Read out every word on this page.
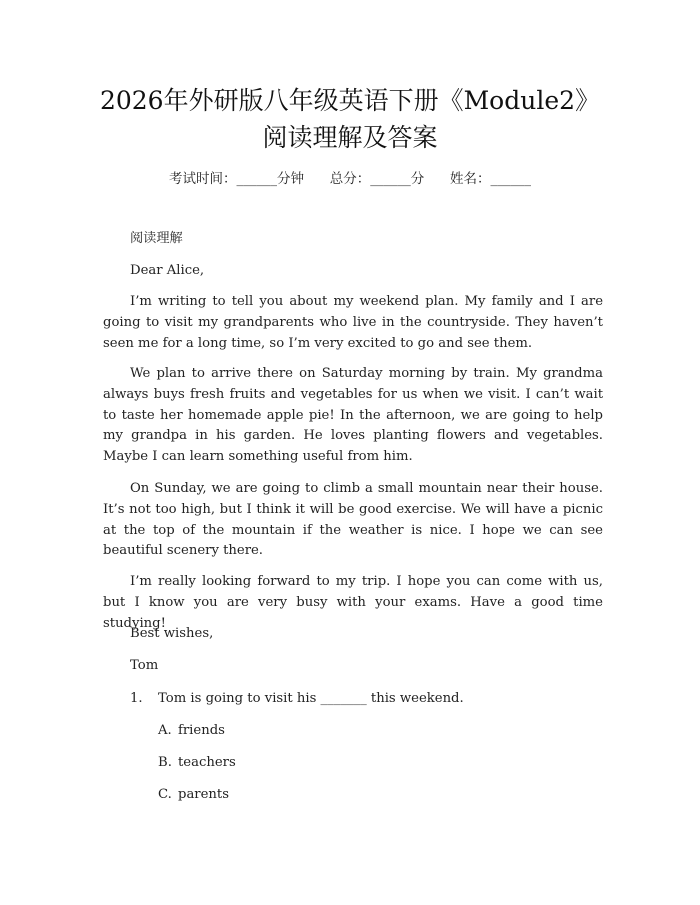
2026年外研版八年级英语下册《Module2》
阅读理解及答案
考试时间：______分钟      总分：______分      姓名：______
阅读理解
Dear Alice,
I’m writing to tell you about my weekend plan. My family and I are going to visit my grandparents who live in the countryside. They haven’t seen me for a long time, so I’m very excited to go and see them.
We plan to arrive there on Saturday morning by train. My grandma always buys fresh fruits and vegetables for us when we visit. I can’t wait to taste her homemade apple pie! In the afternoon, we are going to help my grandpa in his garden. He loves planting flowers and vegetables. Maybe I can learn something useful from him.
On Sunday, we are going to climb a small mountain near their house. It’s not too high, but I think it will be good exercise. We will have a picnic at the top of the mountain if the weather is nice. I hope we can see beautiful scenery there.
I’m really looking forward to my trip. I hope you can come with us, but I know you are very busy with your exams. Have a good time studying!
Best wishes,
Tom
1. Tom is going to visit his _______ this weekend.
A. friends
B. teachers
C. parents
